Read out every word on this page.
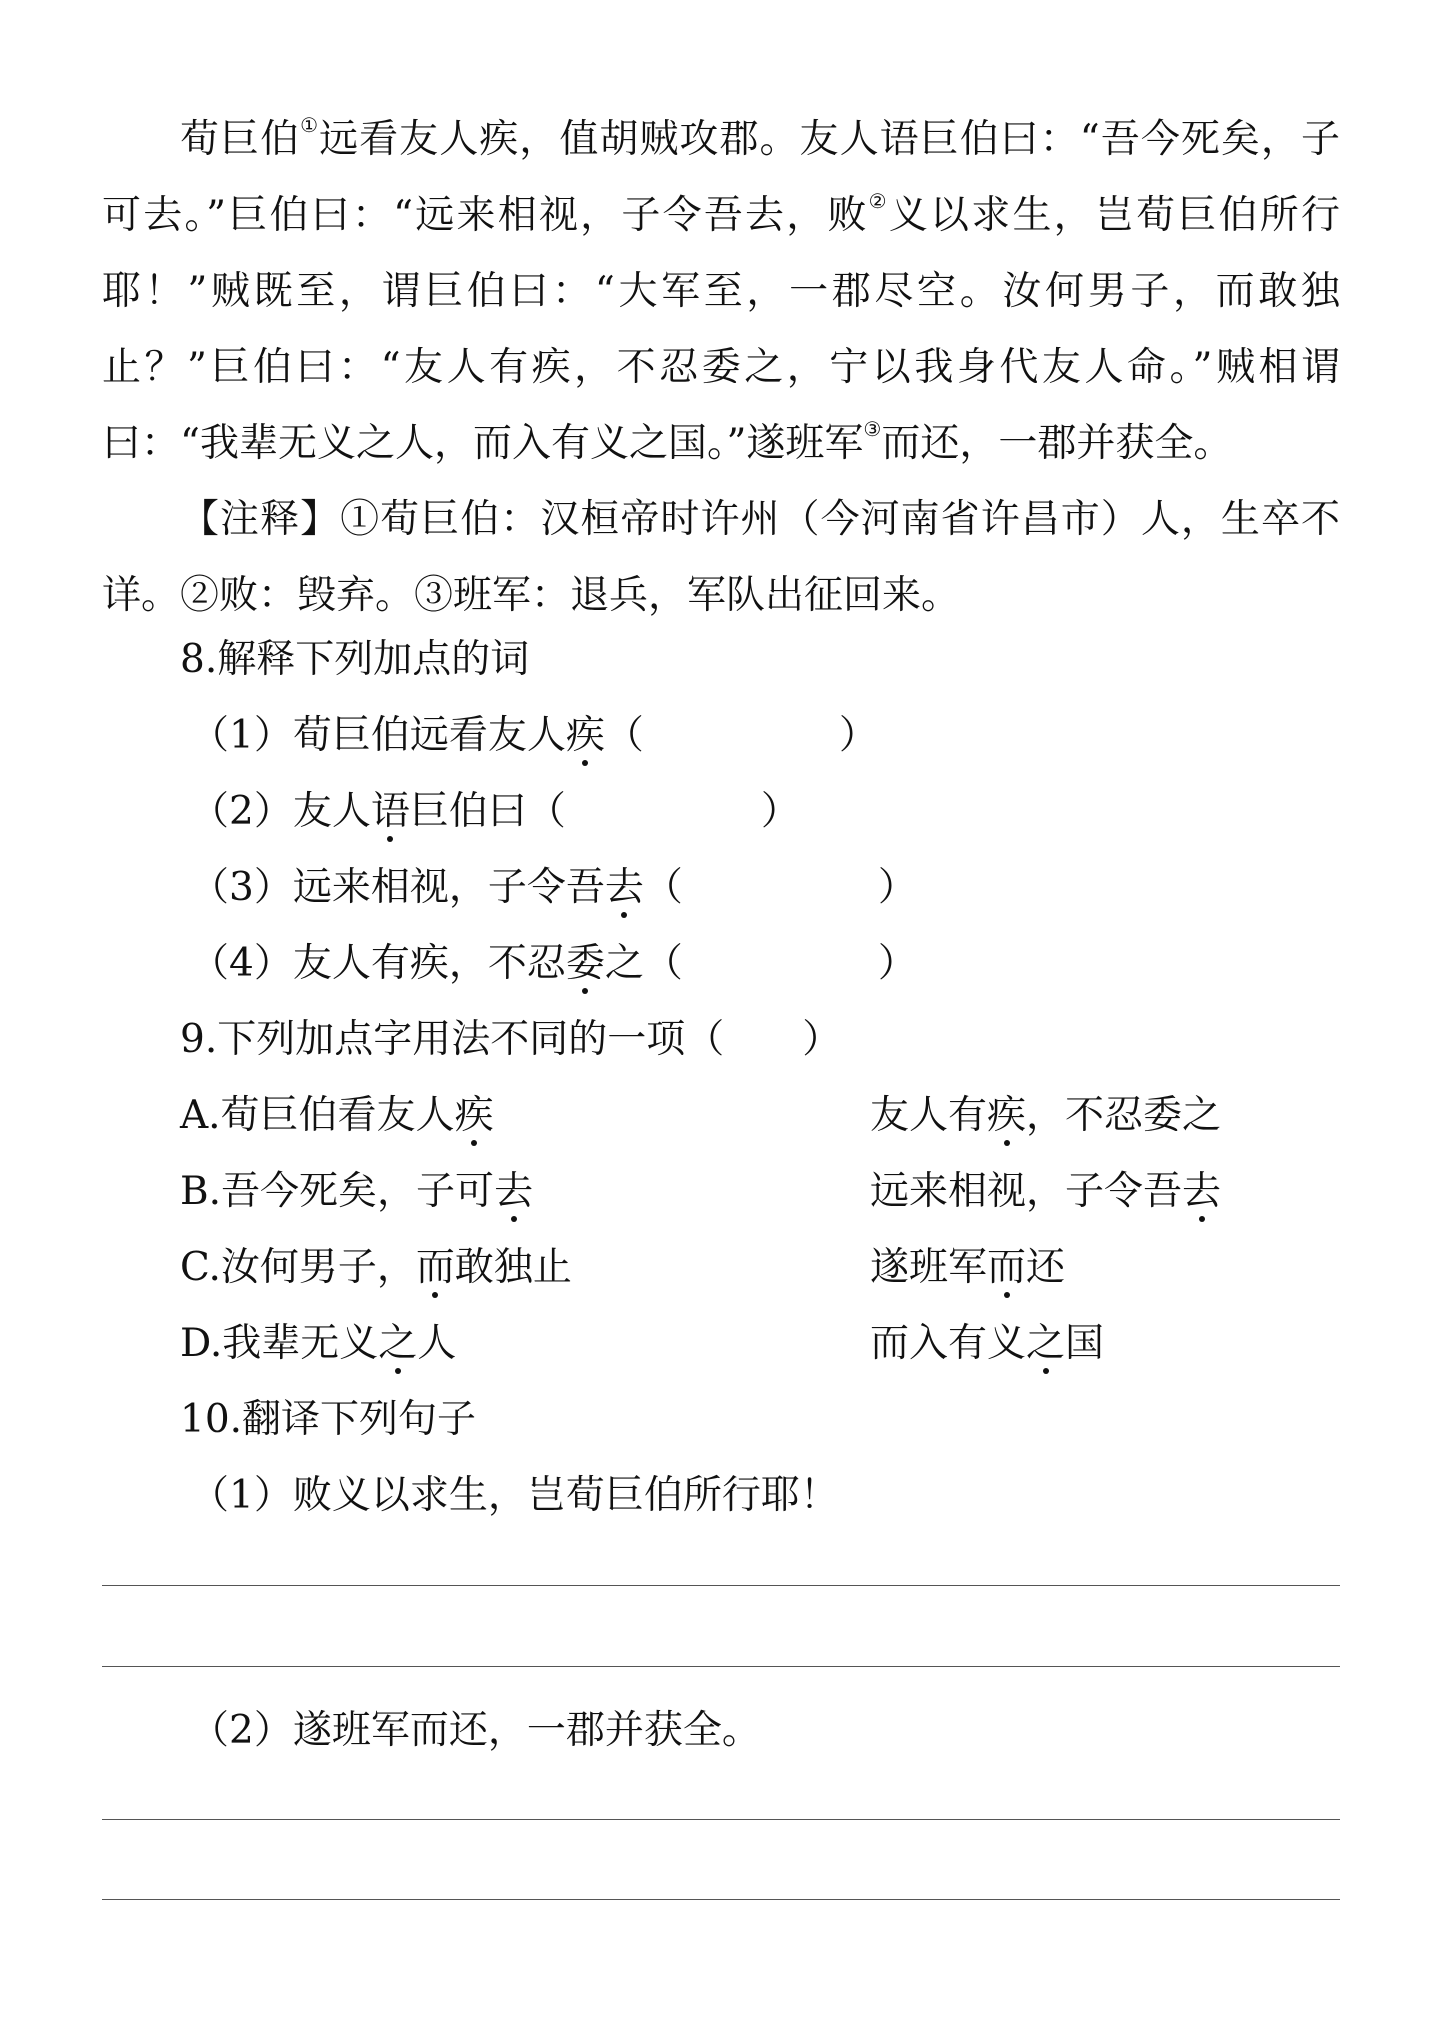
荀巨伯①远看友人疾，值胡贼攻郡。友人语巨伯曰：“吾今死矣，子可去。”巨伯曰：“远来相视，子令吾去，败②义以求生，岂荀巨伯所行耶！”贼既至，谓巨伯曰：“大军至，一郡尽空。汝何男子，而敢独止？”巨伯曰：“友人有疾，不忍委之，宁以我身代友人命。”贼相谓曰：“我辈无义之人，而入有义之国。”遂班军③而还，一郡并获全。

【注释】①荀巨伯：汉桓帝时许州（今河南省许昌市）人，生卒不详。②败：毁弃。③班军：退兵，军队出征回来。

8.解释下列加点的词
（1）荀巨伯远看友人疾（	）
（2）友人语巨伯曰（	）
（3）远来相视，子令吾去（	）
（4）友人有疾，不忍委之（	）
9.下列加点字用法不同的一项（　　）
A.荀巨伯看友人疾	友人有疾，不忍委之
B.吾今死矣，子可去	远来相视，子令吾去
C.汝何男子，而敢独止	遂班军而还
D.我辈无义之人	而入有义之国
10.翻译下列句子
（1）败义以求生，岂荀巨伯所行耶！
（2）遂班军而还，一郡并获全。
